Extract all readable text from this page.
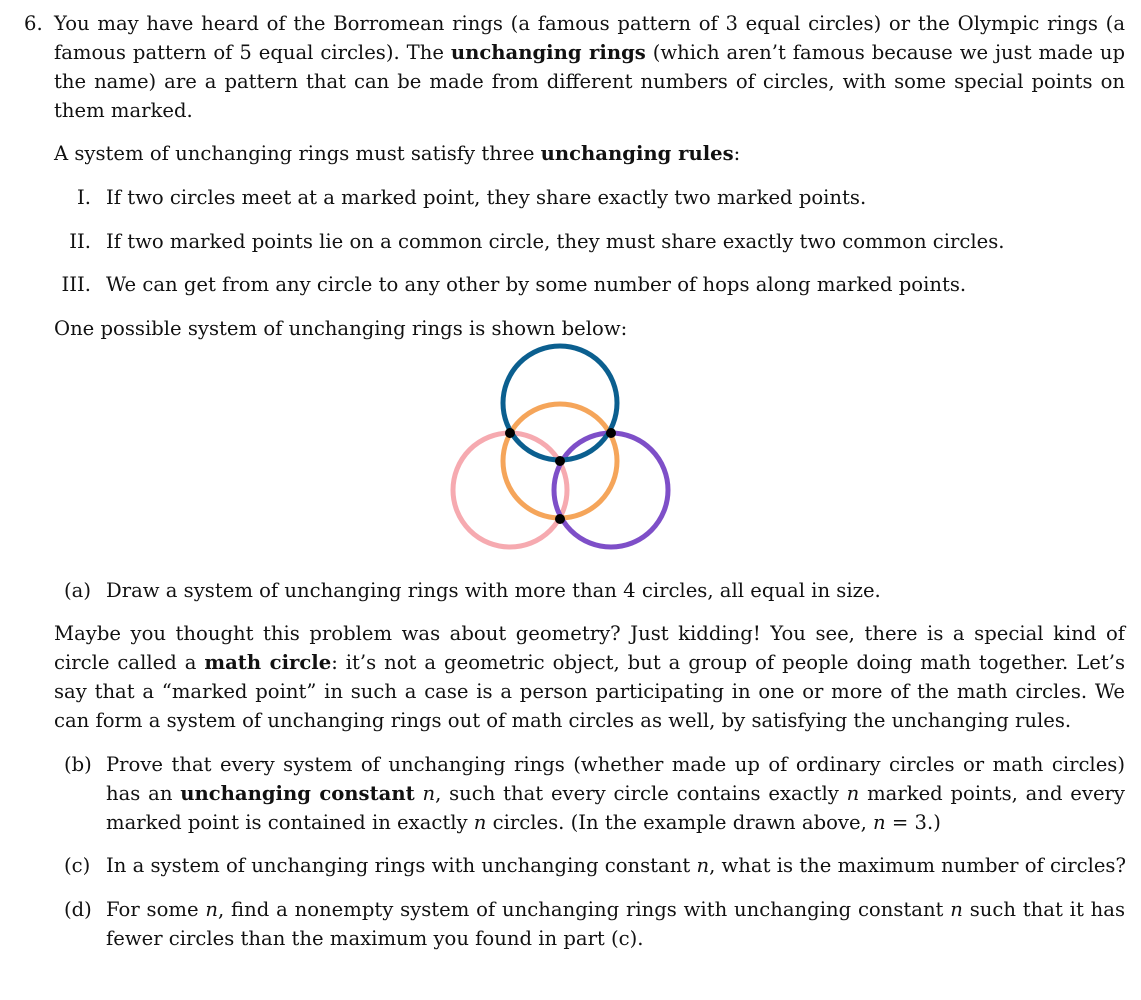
6. You may have heard of the Borromean rings (a famous pattern of 3 equal circles) or the Olympic rings (a famous pattern of 5 equal circles). The unchanging rings (which aren’t famous because we just made up the name) are a pattern that can be made from different numbers of circles, with some special points on them marked.
A system of unchanging rings must satisfy three unchanging rules:
I. If two circles meet at a marked point, they share exactly two marked points.
II. If two marked points lie on a common circle, they must share exactly two common circles.
III. We can get from any circle to any other by some number of hops along marked points.
One possible system of unchanging rings is shown below:
(a) Draw a system of unchanging rings with more than 4 circles, all equal in size.
Maybe you thought this problem was about geometry? Just kidding! You see, there is a special kind of circle called a math circle: it’s not a geometric object, but a group of people doing math together. Let’s say that a “marked point” in such a case is a person participating in one or more of the math circles. We can form a system of unchanging rings out of math circles as well, by satisfying the unchanging rules.
(b) Prove that every system of unchanging rings (whether made up of ordinary circles or math circles) has an unchanging constant n, such that every circle contains exactly n marked points, and every marked point is contained in exactly n circles. (In the example drawn above, n = 3.)
(c) In a system of unchanging rings with unchanging constant n, what is the maximum number of circles?
(d) For some n, find a nonempty system of unchanging rings with unchanging constant n such that it has fewer circles than the maximum you found in part (c).
